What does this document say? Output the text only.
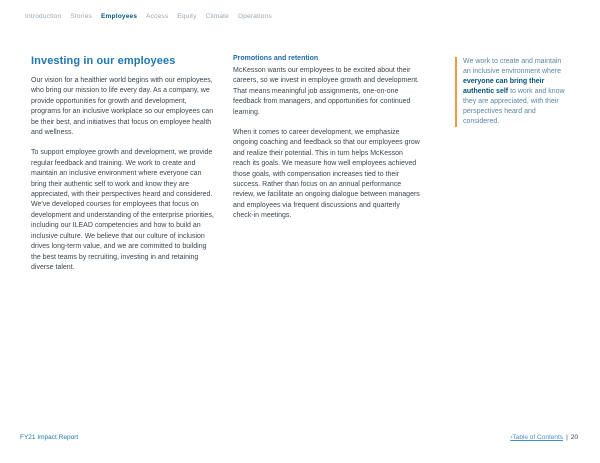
Introduction Stories Employees Access Equity Climate Operations
Investing in our employees

Our vision for a healthier world begins with our employees, who bring our mission to life every day. As a company, we provide opportunities for growth and development, programs for an inclusive workplace so our employees can be their best, and initiatives that focus on employee health and wellness.

To support employee growth and development, we provide regular feedback and training. We work to create and maintain an inclusive environment where everyone can bring their authentic self to work and know they are appreciated, with their perspectives heard and considered. We've developed courses for employees that focus on development and understanding of the enterprise priorities, including our ILEAD competencies and how to build an inclusive culture. We believe that our culture of inclusion drives long-term value, and we are committed to building the best teams by recruiting, investing in and retaining diverse talent.

Promotions and retention

McKesson wants our employees to be excited about their careers, so we invest in employee growth and development. That means meaningful job assignments, one-on-one feedback from managers, and opportunities for continued learning.

When it comes to career development, we emphasize ongoing coaching and feedback so that our employees grow and realize their potential. This in turn helps McKesson reach its goals. We measure how well employees achieved those goals, with compensation increases tied to their success. Rather than focus on an annual performance review, we facilitate an ongoing dialogue between managers and employees via frequent discussions and quarterly check-in meetings.

We work to create and maintain an inclusive environment where everyone can bring their authentic self to work and know they are appreciated, with their perspectives heard and considered.
FY21 Impact Report	›Table of Contents | 20
